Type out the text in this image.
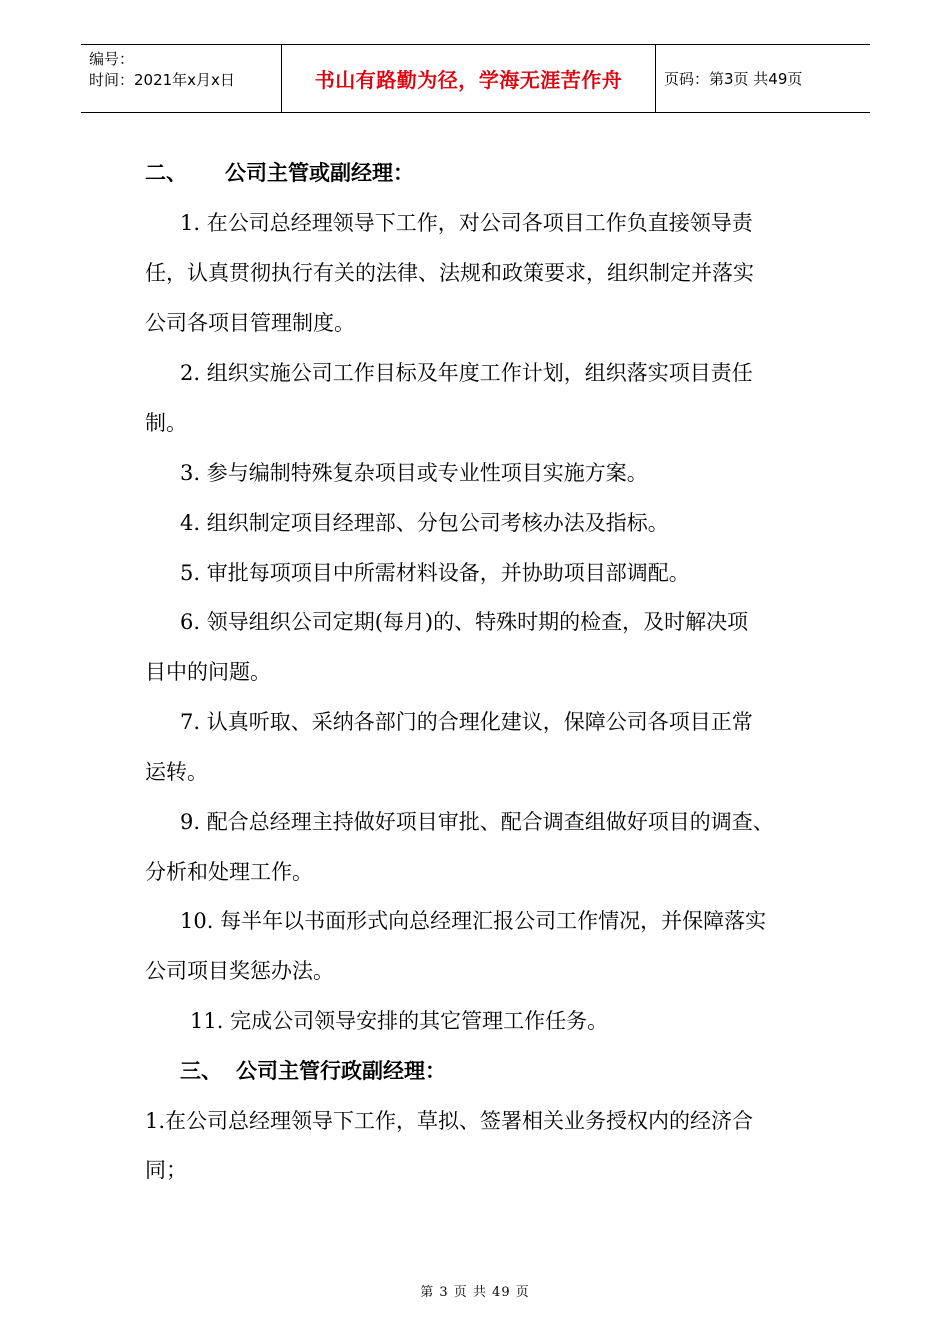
编号：
时间：2021年x月x日	书山有路勤为径，学海无涯苦作舟	页码：第3页 共49页
二、 公司主管或副经理：
1. 在公司总经理领导下工作，对公司各项目工作负直接领导责
任，认真贯彻执行有关的法律、法规和政策要求，组织制定并落实
公司各项目管理制度。
2. 组织实施公司工作目标及年度工作计划，组织落实项目责任
制。
3. 参与编制特殊复杂项目或专业性项目实施方案。
4. 组织制定项目经理部、分包公司考核办法及指标。
5. 审批每项项目中所需材料设备，并协助项目部调配。
6. 领导组织公司定期(每月)的、特殊时期的检查，及时解决项
目中的问题。
7. 认真听取、采纳各部门的合理化建议，保障公司各项目正常
运转。
9. 配合总经理主持做好项目审批、配合调查组做好项目的调查、
分析和处理工作。
10. 每半年以书面形式向总经理汇报公司工作情况，并保障落实
公司项目奖惩办法。
11. 完成公司领导安排的其它管理工作任务。
三、 公司主管行政副经理：
1.在公司总经理领导下工作，草拟、签署相关业务授权内的经济合
同；
第 3 页 共 49 页
